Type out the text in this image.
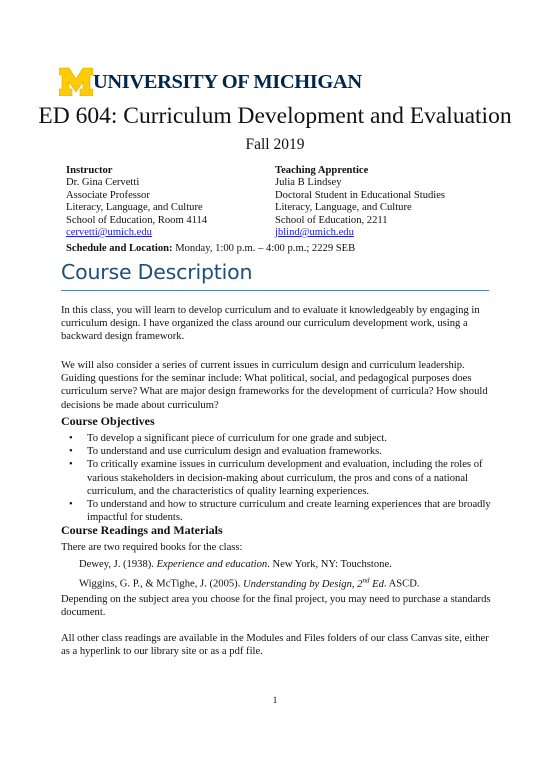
UNIVERSITY OF MICHIGAN
ED 604: Curriculum Development and Evaluation
Fall 2019
Instructor
Dr. Gina Cervetti
Associate Professor
Literacy, Language, and Culture
School of Education, Room 4114
cervetti@umich.edu
Teaching Apprentice
Julia B Lindsey
Doctoral Student in Educational Studies
Literacy, Language, and Culture
School of Education, 2211
jblind@umich.edu
Schedule and Location: Monday, 1:00 p.m. – 4:00 p.m.; 2229 SEB
Course Description

In this class, you will learn to develop curriculum and to evaluate it knowledgeably by engaging in curriculum design. I have organized the class around our curriculum development work, using a backward design framework.

We will also consider a series of current issues in curriculum design and curriculum leadership. Guiding questions for the seminar include: What political, social, and pedagogical purposes does curriculum serve? What are major design frameworks for the development of curricula? How should decisions be made about curriculum?

Course Objectives
• To develop a significant piece of curriculum for one grade and subject.
• To understand and use curriculum design and evaluation frameworks.
• To critically examine issues in curriculum development and evaluation, including the roles of various stakeholders in decision-making about curriculum, the pros and cons of a national curriculum, and the characteristics of quality learning experiences.
• To understand and how to structure curriculum and create learning experiences that are broadly impactful for students.
Course Readings and Materials

There are two required books for the class:

Dewey, J. (1938). Experience and education. New York, NY: Touchstone.
Wiggins, G. P., & McTighe, J. (2005). Understanding by Design, 2nd Ed. ASCD.

Depending on the subject area you choose for the final project, you may need to purchase a standards document.

All other class readings are available in the Modules and Files folders of our class Canvas site, either as a hyperlink to our library site or as a pdf file.

1
